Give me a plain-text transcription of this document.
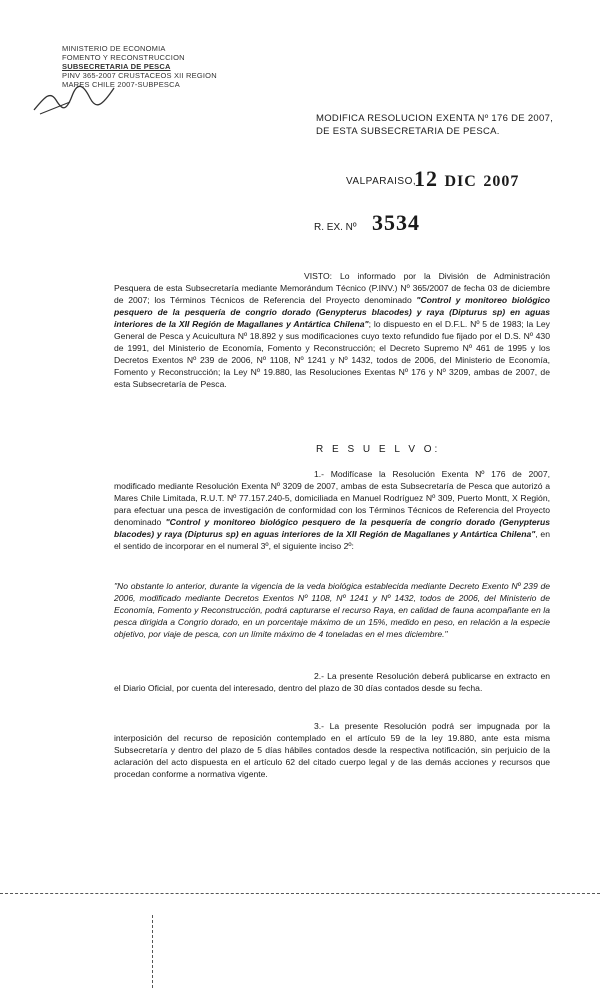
MINISTERIO DE ECONOMIA
FOMENTO Y RECONSTRUCCION
SUBSECRETARIA DE PESCA
PINV 365-2007 CRUSTACEOS XII REGION
MARES CHILE 2007-SUBPESCA
MODIFICA RESOLUCION EXENTA Nº 176 DE 2007, DE ESTA SUBSECRETARIA DE PESCA.
VALPARAISO,
12 DIC 2007
R. EX. Nº 3534
VISTO: Lo informado por la División de Administración Pesquera de esta Subsecretaría mediante Memorándum Técnico (P.INV.) Nº 365/2007 de fecha 03 de diciembre de 2007; los Términos Técnicos de Referencia del Proyecto denominado "Control y monitoreo biológico pesquero de la pesquería de congrio dorado (Genypterus blacodes) y raya (Dipturus sp) en aguas interiores de la XII Región de Magallanes y Antártica Chilena"; lo dispuesto en el D.F.L. Nº 5 de 1983; la Ley General de Pesca y Acuicultura Nº 18.892 y sus modificaciones cuyo texto refundido fue fijado por el D.S. Nº 430 de 1991, del Ministerio de Economía, Fomento y Reconstrucción; el Decreto Supremo Nº 461 de 1995 y los Decretos Exentos Nº 239 de 2006, Nº 1108, Nº 1241 y Nº 1432, todos de 2006, del Ministerio de Economía, Fomento y Reconstrucción; la Ley Nº 19.880, las Resoluciones Exentas Nº 176 y Nº 3209, ambas de 2007, de esta Subsecretaría de Pesca.
R E S U E L V O:
1.- Modifícase la Resolución Exenta Nº 176 de 2007, modificado mediante Resolución Exenta Nº 3209 de 2007, ambas de esta Subsecretaría de Pesca que autorizó a Mares Chile Limitada, R.U.T. Nº 77.157.240-5, domiciliada en Manuel Rodríguez Nº 309, Puerto Montt, X Región, para efectuar una pesca de investigación de conformidad con los Términos Técnicos de Referencia del Proyecto denominado "Control y monitoreo biológico pesquero de la pesquería de congrio dorado (Genypterus blacodes) y raya (Dipturus sp) en aguas interiores de la XII Región de Magallanes y Antártica Chilena", en el sentido de incorporar en el numeral 3º, el siguiente inciso 2º:
"No obstante lo anterior, durante la vigencia de la veda biológica establecida mediante Decreto Exento Nº 239 de 2006, modificado mediante Decretos Exentos Nº 1108, Nº 1241 y Nº 1432, todos de 2006, del Ministerio de Economía, Fomento y Reconstrucción, podrá capturarse el recurso Raya, en calidad de fauna acompañante en la pesca dirigida a Congrio dorado, en un porcentaje máximo de un 15%, medido en peso, en relación a la especie objetivo, por viaje de pesca, con un límite máximo de 4 toneladas en el mes diciembre."
2.- La presente Resolución deberá publicarse en extracto en el Diario Oficial, por cuenta del interesado, dentro del plazo de 30 días contados desde su fecha.
3.- La presente Resolución podrá ser impugnada por la interposición del recurso de reposición contemplado en el artículo 59 de la ley 19.880, ante esta misma Subsecretaría y dentro del plazo de 5 días hábiles contados desde la respectiva notificación, sin perjuicio de la aclaración del acto dispuesta en el artículo 62 del citado cuerpo legal y de las demás acciones y recursos que procedan conforme a normativa vigente.
